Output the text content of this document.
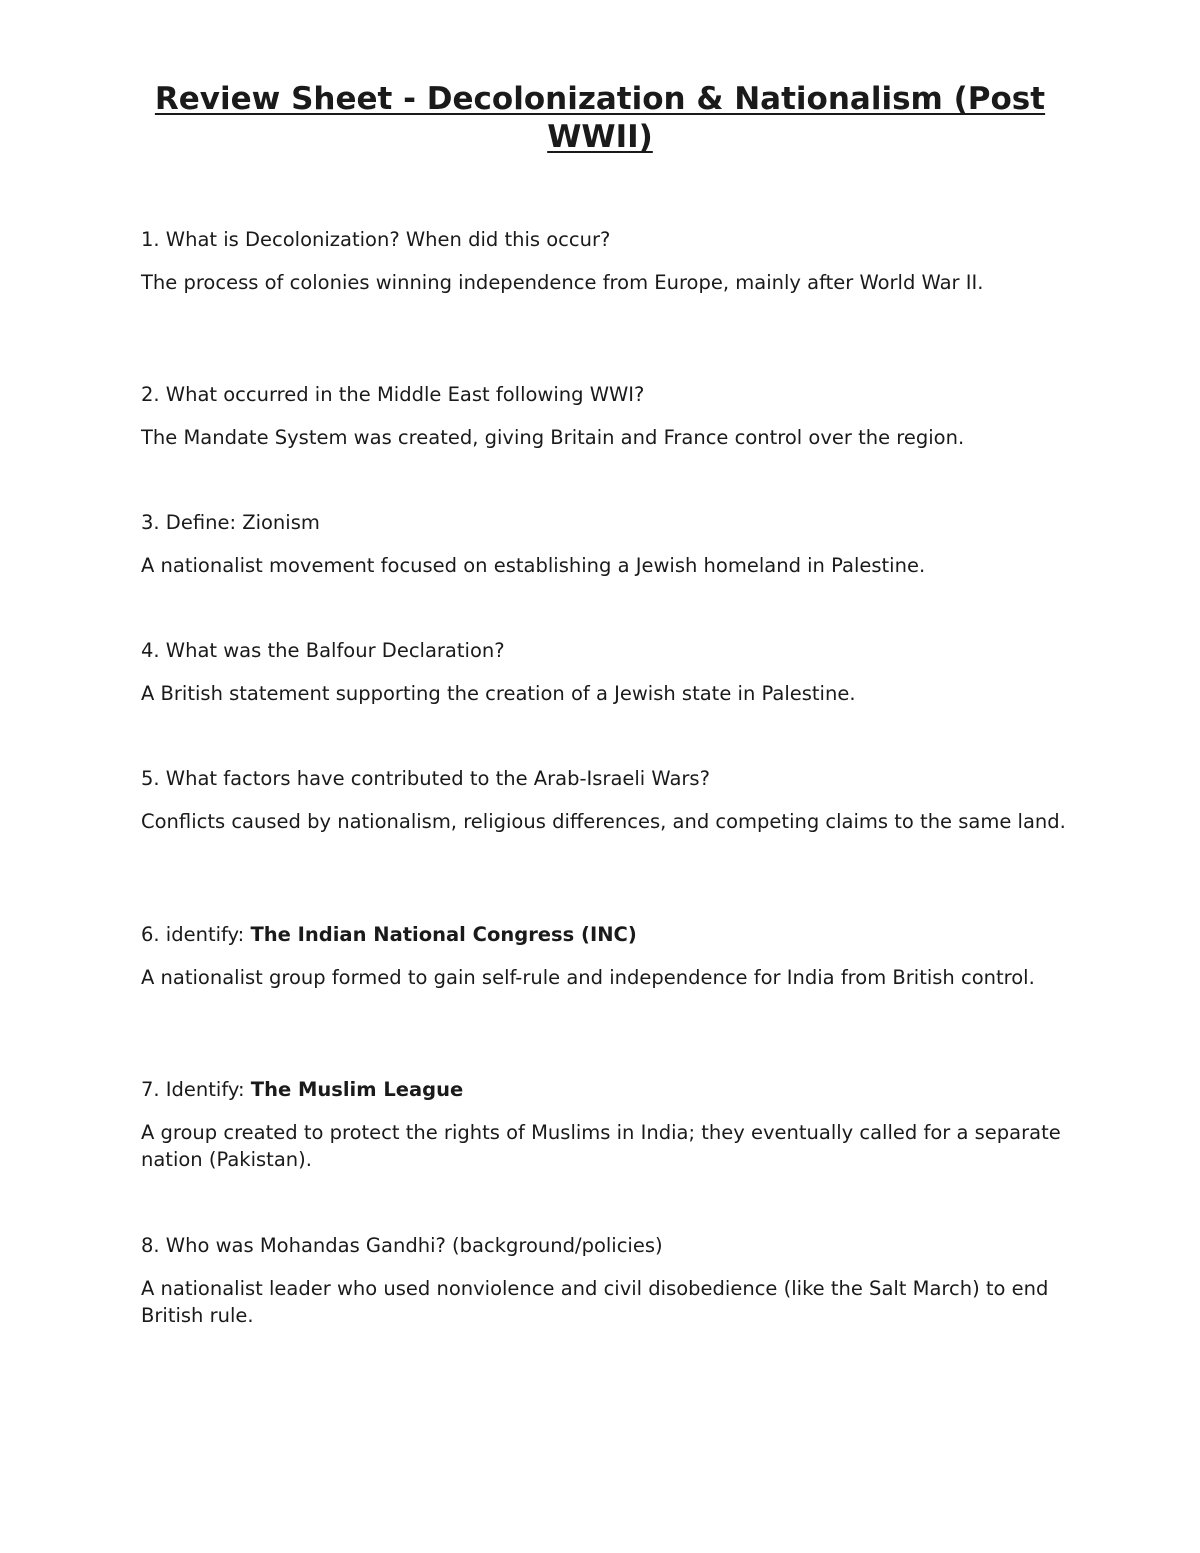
Review Sheet - Decolonization & Nationalism (Post WWII)

1. What is Decolonization? When did this occur?

The process of colonies winning independence from Europe, mainly after World War II.

2. What occurred in the Middle East following WWI?

The Mandate System was created, giving Britain and France control over the region.

3. Define: Zionism

A nationalist movement focused on establishing a Jewish homeland in Palestine.

4. What was the Balfour Declaration?

A British statement supporting the creation of a Jewish state in Palestine.

5. What factors have contributed to the Arab-Israeli Wars?

Conflicts caused by nationalism, religious differences, and competing claims to the same land.

6. identify: The Indian National Congress (INC)

A nationalist group formed to gain self-rule and independence for India from British control.

7. Identify: The Muslim League

A group created to protect the rights of Muslims in India; they eventually called for a separate nation (Pakistan).

8. Who was Mohandas Gandhi? (background/policies)

A nationalist leader who used nonviolence and civil disobedience (like the Salt March) to end British rule.
